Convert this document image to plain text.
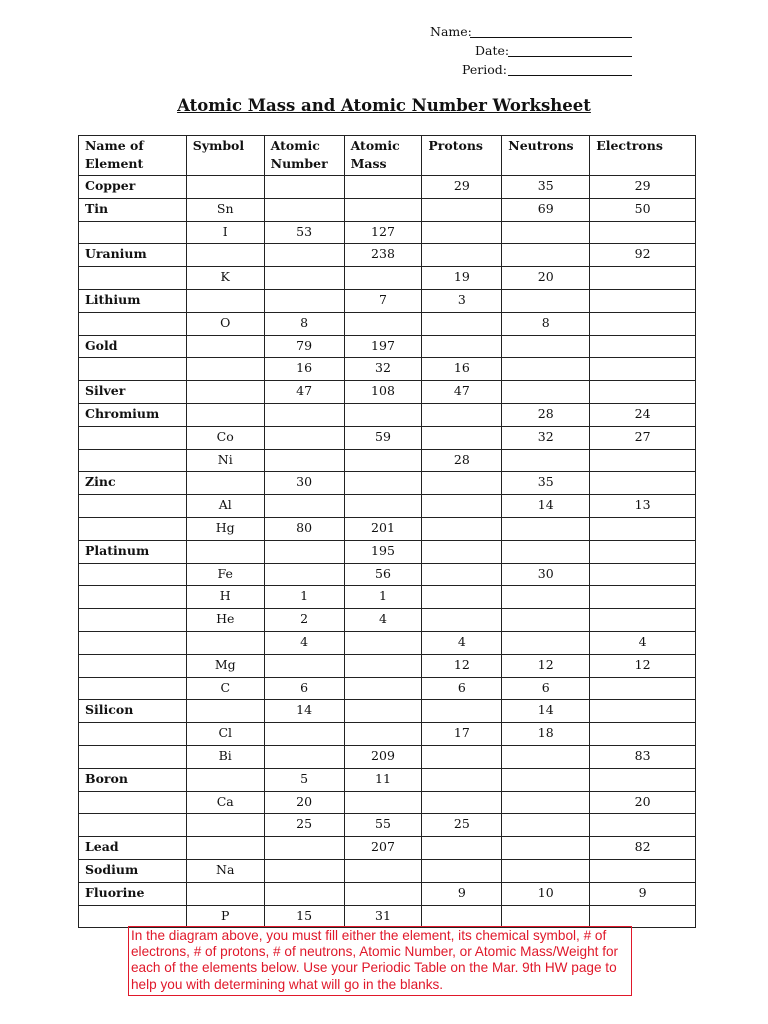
Name:
Date:
Period:
Atomic Mass and Atomic Number Worksheet
Name of Element	Symbol	Atomic Number	Atomic Mass	Protons	Neutrons	Electrons
Copper				29	35	29
Tin	Sn				69	50
	I	53	127			
Uranium			238			92
	K			19	20	
Lithium			7	3		
	O	8			8	
Gold		79	197			
		16	32	16		
Silver		47	108	47		
Chromium					28	24
	Co		59		32	27
	Ni			28		
Zinc		30			35	
	Al				14	13
	Hg	80	201			
Platinum			195			
	Fe		56		30	
	H	1	1			
	He	2	4			
		4		4		4
	Mg			12	12	12
	C	6		6	6	
Silicon		14			14	
	Cl			17	18	
	Bi		209			83
Boron		5	11			
	Ca	20				20
		25	55	25		
Lead			207			82
Sodium	Na					
Fluorine				9	10	9
	P	15	31			
In the diagram above, you must fill either the element, its chemical symbol, # of electrons, # of protons, # of neutrons, Atomic Number, or Atomic Mass/Weight for each of the elements below. Use your Periodic Table on the Mar. 9th HW page to help you with determining what will go in the blanks.
